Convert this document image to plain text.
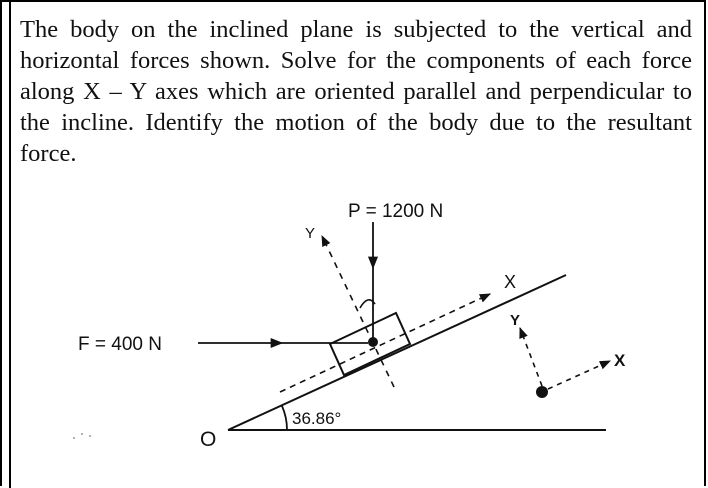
The body on the inclined plane is subjected to the vertical and horizontal forces shown. Solve for the components of each force along X – Y axes which are oriented parallel and perpendicular to the incline. Identify the motion of the body due to the resultant force.
P = 1200 N
F = 400 N
36.86°
O
X
Y
Y
X
